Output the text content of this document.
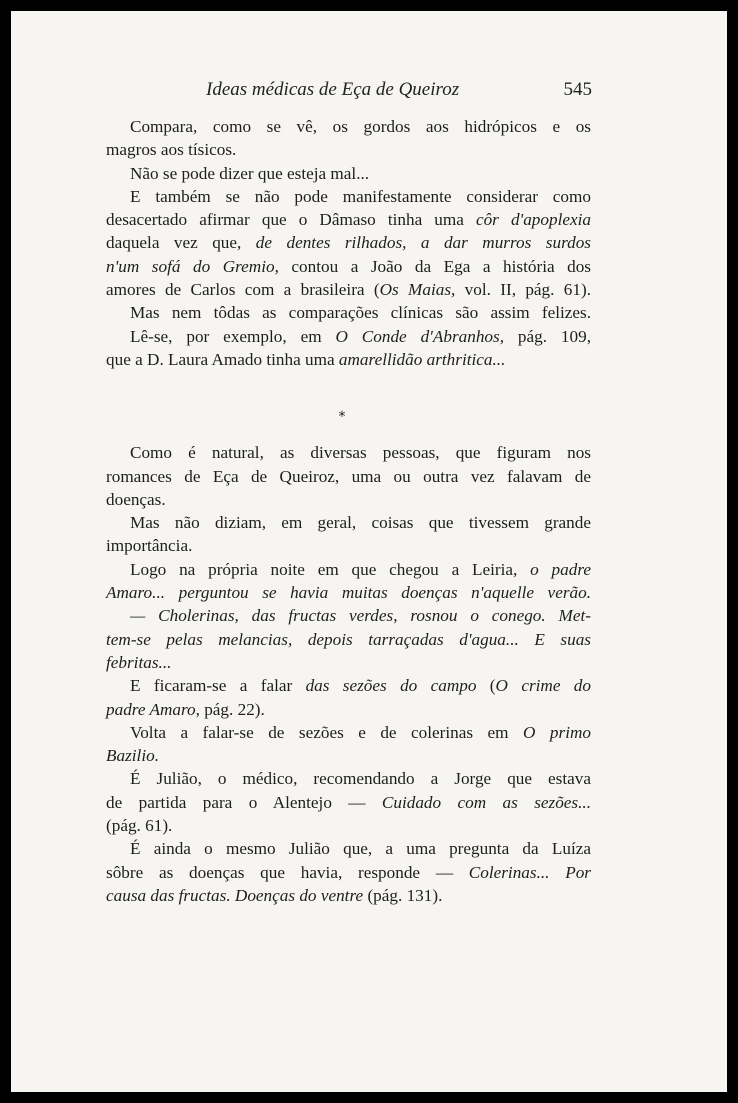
Ideas médicas de Eça de Queiroz	545
Compara, como se vê, os gordos aos hidrópicos e os
magros aos tísicos.
Não se pode dizer que esteja mal...
E também se não pode manifestamente considerar como
desacertado afirmar que o Dâmaso tinha uma côr d'apoplexia
daquela vez que, de dentes rilhados, a dar murros surdos
n'um sofá do Gremio, contou a João da Ega a história dos
amores de Carlos com a brasileira (Os Maias, vol. II, pág. 61).
Mas nem tôdas as comparações clínicas são assim felizes.
Lê-se, por exemplo, em O Conde d'Abranhos, pág. 109,
que a D. Laura Amado tinha uma amarellidão arthritica...
Como é natural, as diversas pessoas, que figuram nos
romances de Eça de Queiroz, uma ou outra vez falavam de
doenças.
Mas não diziam, em geral, coisas que tivessem grande
importância.
Logo na própria noite em que chegou a Leiria, o padre
Amaro... perguntou se havia muitas doenças n'aquelle verão.
— Cholerinas, das fructas verdes, rosnou o conego. Met-
tem-se pelas melancias, depois tarraçadas d'agua... E suas
febritas...
E ficaram-se a falar das sezões do campo (O crime do
padre Amaro, pág. 22).
Volta a falar-se de sezões e de colerinas em O primo
Bazilio.
É Julião, o médico, recomendando a Jorge que estava
de partida para o Alentejo — Cuidado com as sezões...
(pág. 61).
É ainda o mesmo Julião que, a uma pregunta da Luíza
sôbre as doenças que havia, responde — Colerinas... Por
causa das fructas. Doenças do ventre (pág. 131).
*
